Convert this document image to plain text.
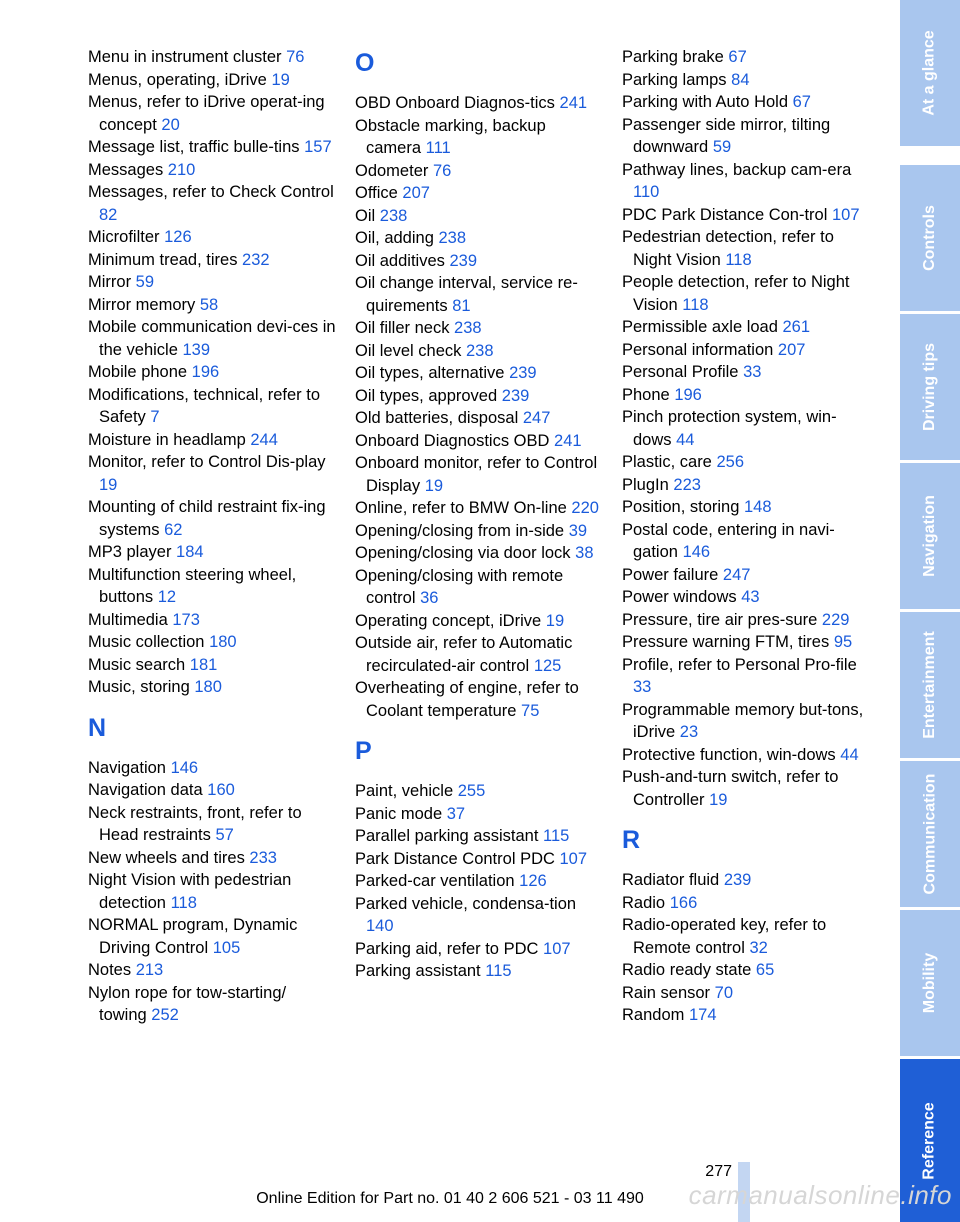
Menu in instrument cluster 76
Menus, operating, iDrive 19
Menus, refer to iDrive operat-ing concept 20
Message list, traffic bulle-tins 157
Messages 210
Messages, refer to Check Control 82
Microfilter 126
Minimum tread, tires 232
Mirror 59
Mirror memory 58
Mobile communication devi-ces in the vehicle 139
Mobile phone 196
Modifications, technical, refer to Safety 7
Moisture in headlamp 244
Monitor, refer to Control Dis-play 19
Mounting of child restraint fix-ing systems 62
MP3 player 184
Multifunction steering wheel, buttons 12
Multimedia 173
Music collection 180
Music search 181
Music, storing 180
N
Navigation 146
Navigation data 160
Neck restraints, front, refer to Head restraints 57
New wheels and tires 233
Night Vision with pedestrian detection 118
NORMAL program, Dynamic Driving Control 105
Notes 213
Nylon rope for tow-starting/ towing 252
O
OBD Onboard Diagnos-tics 241
Obstacle marking, backup camera 111
Odometer 76
Office 207
Oil 238
Oil, adding 238
Oil additives 239
Oil change interval, service re-quirements 81
Oil filler neck 238
Oil level check 238
Oil types, alternative 239
Oil types, approved 239
Old batteries, disposal 247
Onboard Diagnostics OBD 241
Onboard monitor, refer to Control Display 19
Online, refer to BMW On-line 220
Opening/closing from in-side 39
Opening/closing via door lock 38
Opening/closing with remote control 36
Operating concept, iDrive 19
Outside air, refer to Automatic recirculated-air control 125
Overheating of engine, refer to Coolant temperature 75
P
Paint, vehicle 255
Panic mode 37
Parallel parking assistant 115
Park Distance Control PDC 107
Parked-car ventilation 126
Parked vehicle, condensa-tion 140
Parking aid, refer to PDC 107
Parking assistant 115
Parking brake 67
Parking lamps 84
Parking with Auto Hold 67
Passenger side mirror, tilting downward 59
Pathway lines, backup cam-era 110
PDC Park Distance Con-trol 107
Pedestrian detection, refer to Night Vision 118
People detection, refer to Night Vision 118
Permissible axle load 261
Personal information 207
Personal Profile 33
Phone 196
Pinch protection system, win-dows 44
Plastic, care 256
PlugIn 223
Position, storing 148
Postal code, entering in navi-gation 146
Power failure 247
Power windows 43
Pressure, tire air pres-sure 229
Pressure warning FTM, tires 95
Profile, refer to Personal Pro-file 33
Programmable memory but-tons, iDrive 23
Protective function, win-dows 44
Push-and-turn switch, refer to Controller 19
R
Radiator fluid 239
Radio 166
Radio-operated key, refer to Remote control 32
Radio ready state 65
Rain sensor 70
Random 174
At a glance
Controls
Driving tips
Navigation
Entertainment
Communication
Mobility
Reference
277
Online Edition for Part no. 01 40 2 606 521 - 03 11 490	carmanualsonline.info
